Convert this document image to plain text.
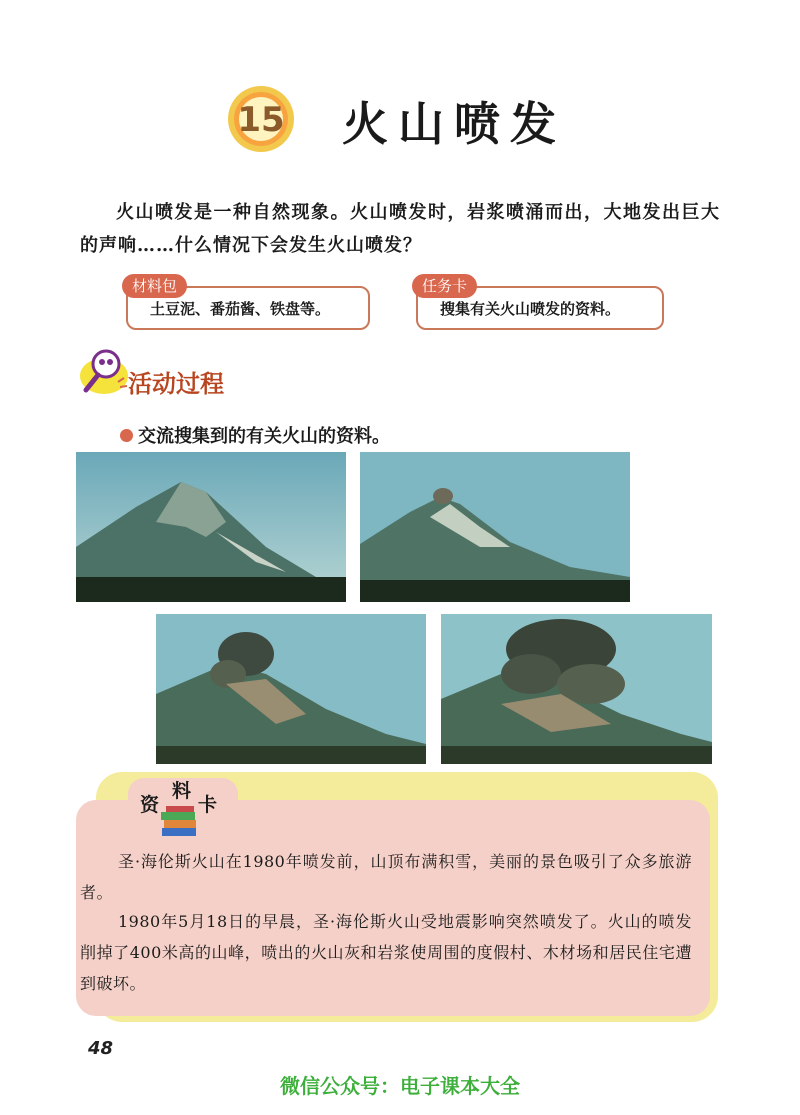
15 火山喷发
火山喷发是一种自然现象。火山喷发时，岩浆喷涌而出，大地发出巨大的声响……什么情况下会发生火山喷发？
材料包
土豆泥、番茄酱、铁盘等。
任务卡
搜集有关火山喷发的资料。
活动过程
交流搜集到的有关火山的资料。
资
料
卡
圣·海伦斯火山在1980年喷发前，山顶布满积雪，美丽的景色吸引了众多旅游者。
1980年5月18日的早晨，圣·海伦斯火山受地震影响突然喷发了。火山的喷发削掉了400米高的山峰，喷出的火山灰和岩浆使周围的度假村、木材场和居民住宅遭到破坏。
48
微信公众号：电子课本大全
